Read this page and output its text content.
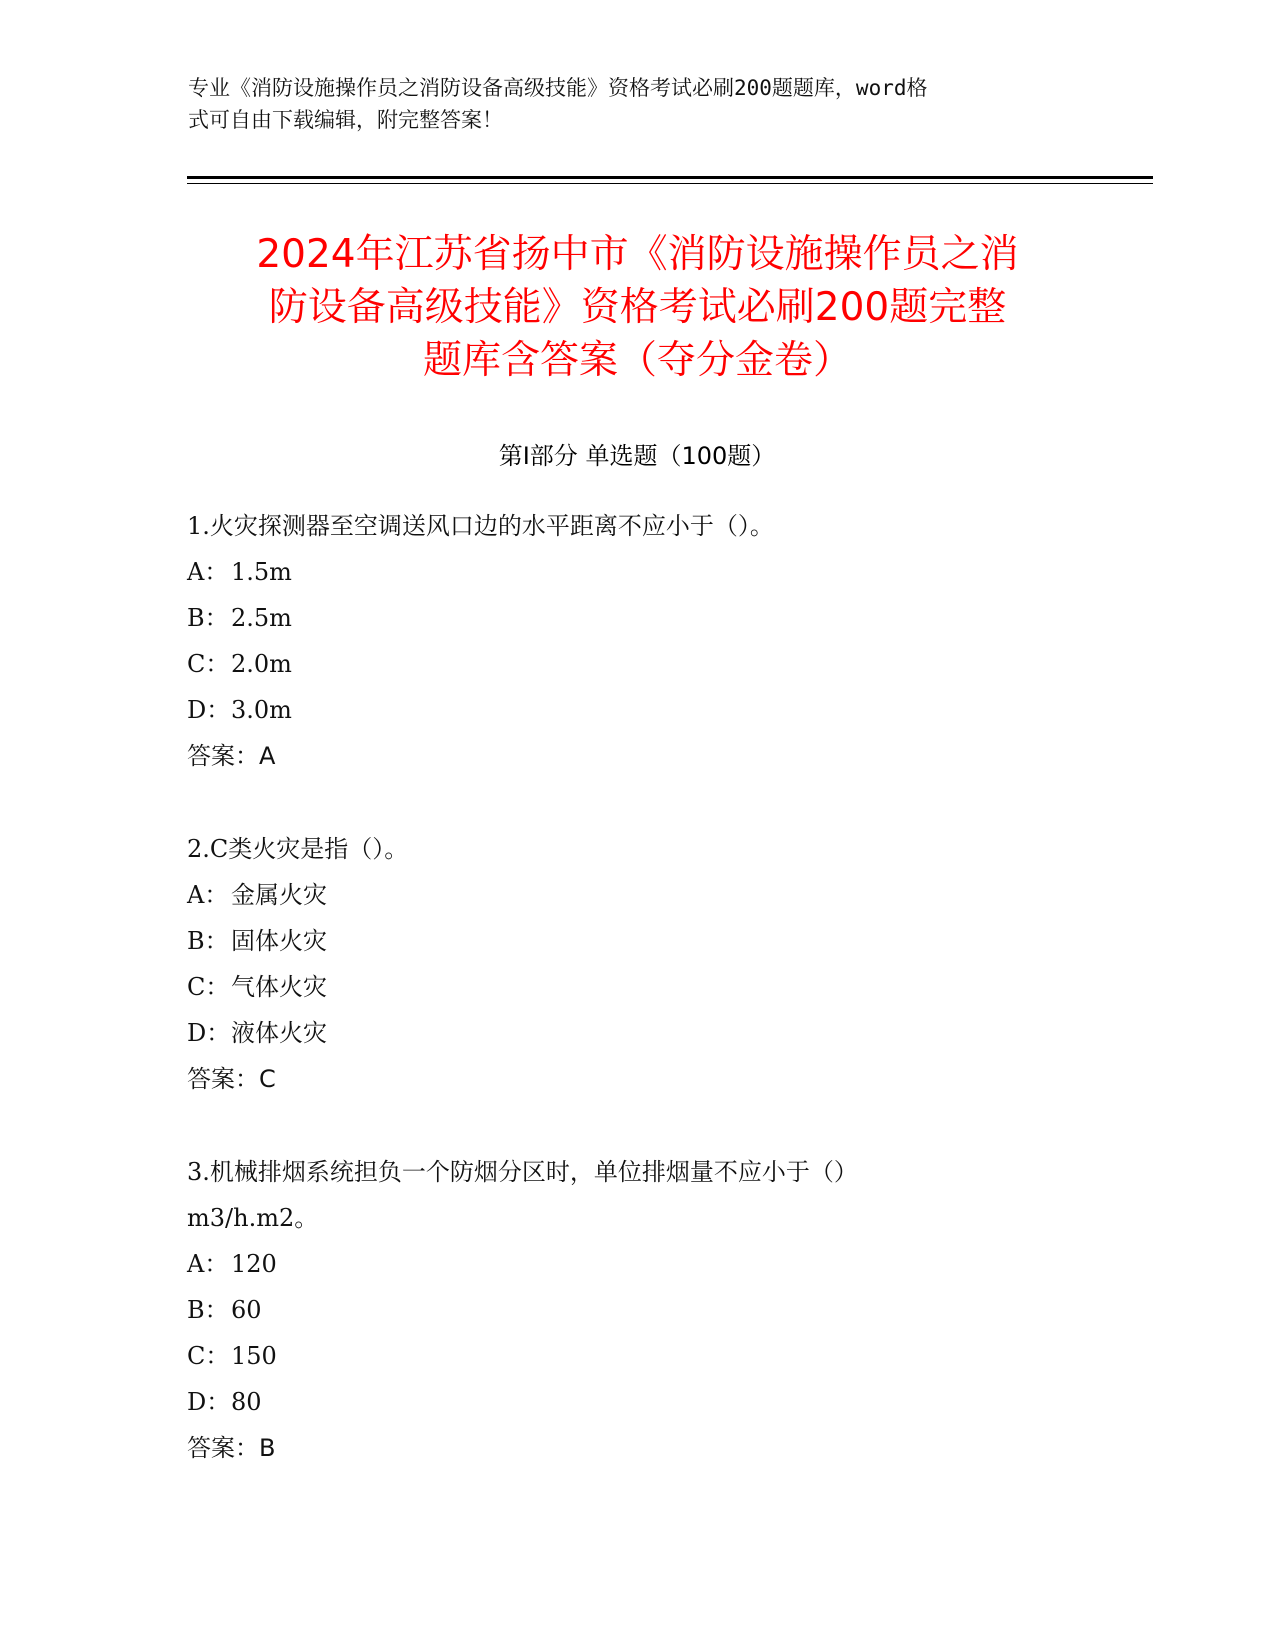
专业《消防设施操作员之消防设备高级技能》资格考试必刷200题题库，word格
式可自由下载编辑，附完整答案！
2024年江苏省扬中市《消防设施操作员之消
防设备高级技能》资格考试必刷200题完整
题库含答案（夺分金卷）
第Ⅰ部分 单选题（100题）
1.火灾探测器至空调送风口边的水平距离不应小于（）。
A： 1.5m
B：2.5m
C：2.0m
D：3.0m
答案：A
2.C类火灾是指（）。
A： 金属火灾
B：固体火灾
C：气体火灾
D：液体火灾
答案：C
3.机械排烟系统担负一个防烟分区时，单位排烟量不应小于（）
m3/h.m2。
A： 120
B：60
C：150
D：80
答案：B
